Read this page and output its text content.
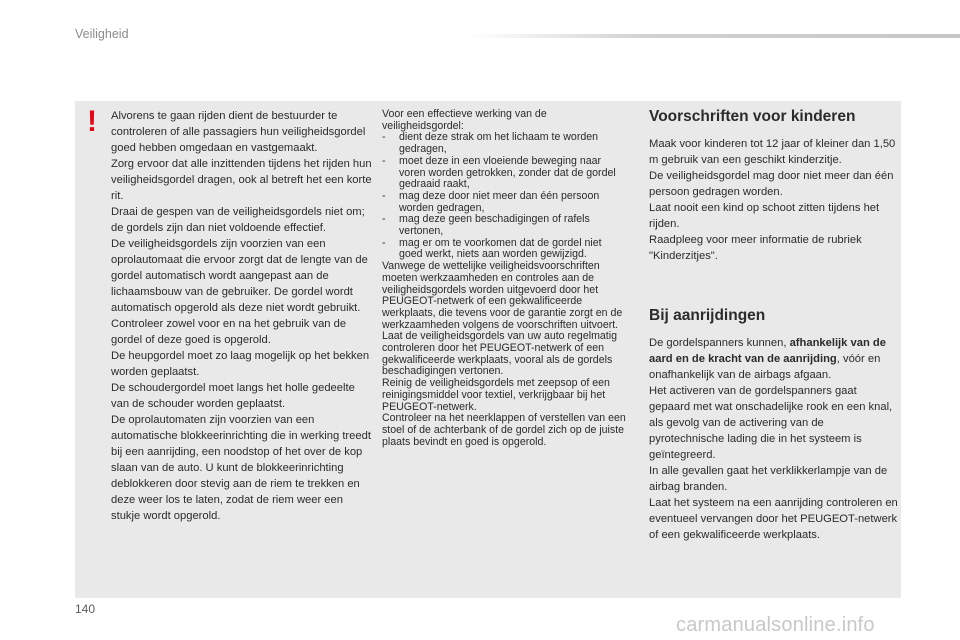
Veiligheid
! Alvorens te gaan rijden dient de bestuurder te controleren of alle passagiers hun veiligheidsgordel goed hebben omgedaan en vastgemaakt.

Zorg ervoor dat alle inzittenden tijdens het rijden hun veiligheidsgordel dragen, ook al betreft het een korte rit.

Draai de gespen van de veiligheidsgordels niet om; de gordels zijn dan niet voldoende effectief.

De veiligheidsgordels zijn voorzien van een oprolautomaat die ervoor zorgt dat de lengte van de gordel automatisch wordt aangepast aan de lichaamsbouw van de gebruiker. De gordel wordt automatisch opgerold als deze niet wordt gebruikt.

Controleer zowel voor en na het gebruik van de gordel of deze goed is opgerold.

De heupgordel moet zo laag mogelijk op het bekken worden geplaatst.

De schoudergordel moet langs het holle gedeelte van de schouder worden geplaatst.

De oprolautomaten zijn voorzien van een automatische blokkeerinrichting die in werking treedt bij een aanrijding, een noodstop of het over de kop slaan van de auto. U kunt de blokkeerinrichting deblokkeren door stevig aan de riem te trekken en deze weer los te laten, zodat de riem weer een stukje wordt opgerold.

Voor een effectieve werking van de veiligheidsgordel:

- dient deze strak om het lichaam te worden gedragen,
- moet deze in een vloeiende beweging naar voren worden getrokken, zonder dat de gordel gedraaid raakt,
- mag deze door niet meer dan één persoon worden gedragen,
- mag deze geen beschadigingen of rafels vertonen,
- mag er om te voorkomen dat de gordel niet goed werkt, niets aan worden gewijzigd.

Vanwege de wettelijke veiligheidsvoorschriften moeten werkzaamheden en controles aan de veiligheidsgordels worden uitgevoerd door het PEUGEOT-netwerk of een gekwalificeerde werkplaats, die tevens voor de garantie zorgt en de werkzaamheden volgens de voorschriften uitvoert.

Laat de veiligheidsgordels van uw auto regelmatig controleren door het PEUGEOT-netwerk of een gekwalificeerde werkplaats, vooral als de gordels beschadigingen vertonen.

Reinig de veiligheidsgordels met zeepsop of een reinigingsmiddel voor textiel, verkrijgbaar bij het PEUGEOT-netwerk.

Controleer na het neerklappen of verstellen van een stoel of de achterbank of de gordel zich op de juiste plaats bevindt en goed is opgerold.

Voorschriften voor kinderen

Maak voor kinderen tot 12 jaar of kleiner dan 1,50 m gebruik van een geschikt kinderzitje.

De veiligheidsgordel mag door niet meer dan één persoon gedragen worden.

Laat nooit een kind op schoot zitten tijdens het rijden.

Raadpleeg voor meer informatie de rubriek "Kinderzitjes".

Bij aanrijdingen

De gordelspanners kunnen, afhankelijk van de aard en de kracht van de aanrijding, vóór en onafhankelijk van de airbags afgaan.

Het activeren van de gordelspanners gaat gepaard met wat onschadelijke rook en een knal, als gevolg van de activering van de pyrotechnische lading die in het systeem is geïntegreerd.

In alle gevallen gaat het verklikkerlampje van de airbag branden.

Laat het systeem na een aanrijding controleren en eventueel vervangen door het PEUGEOT-netwerk of een gekwalificeerde werkplaats.

140
carmanualsonline.info
